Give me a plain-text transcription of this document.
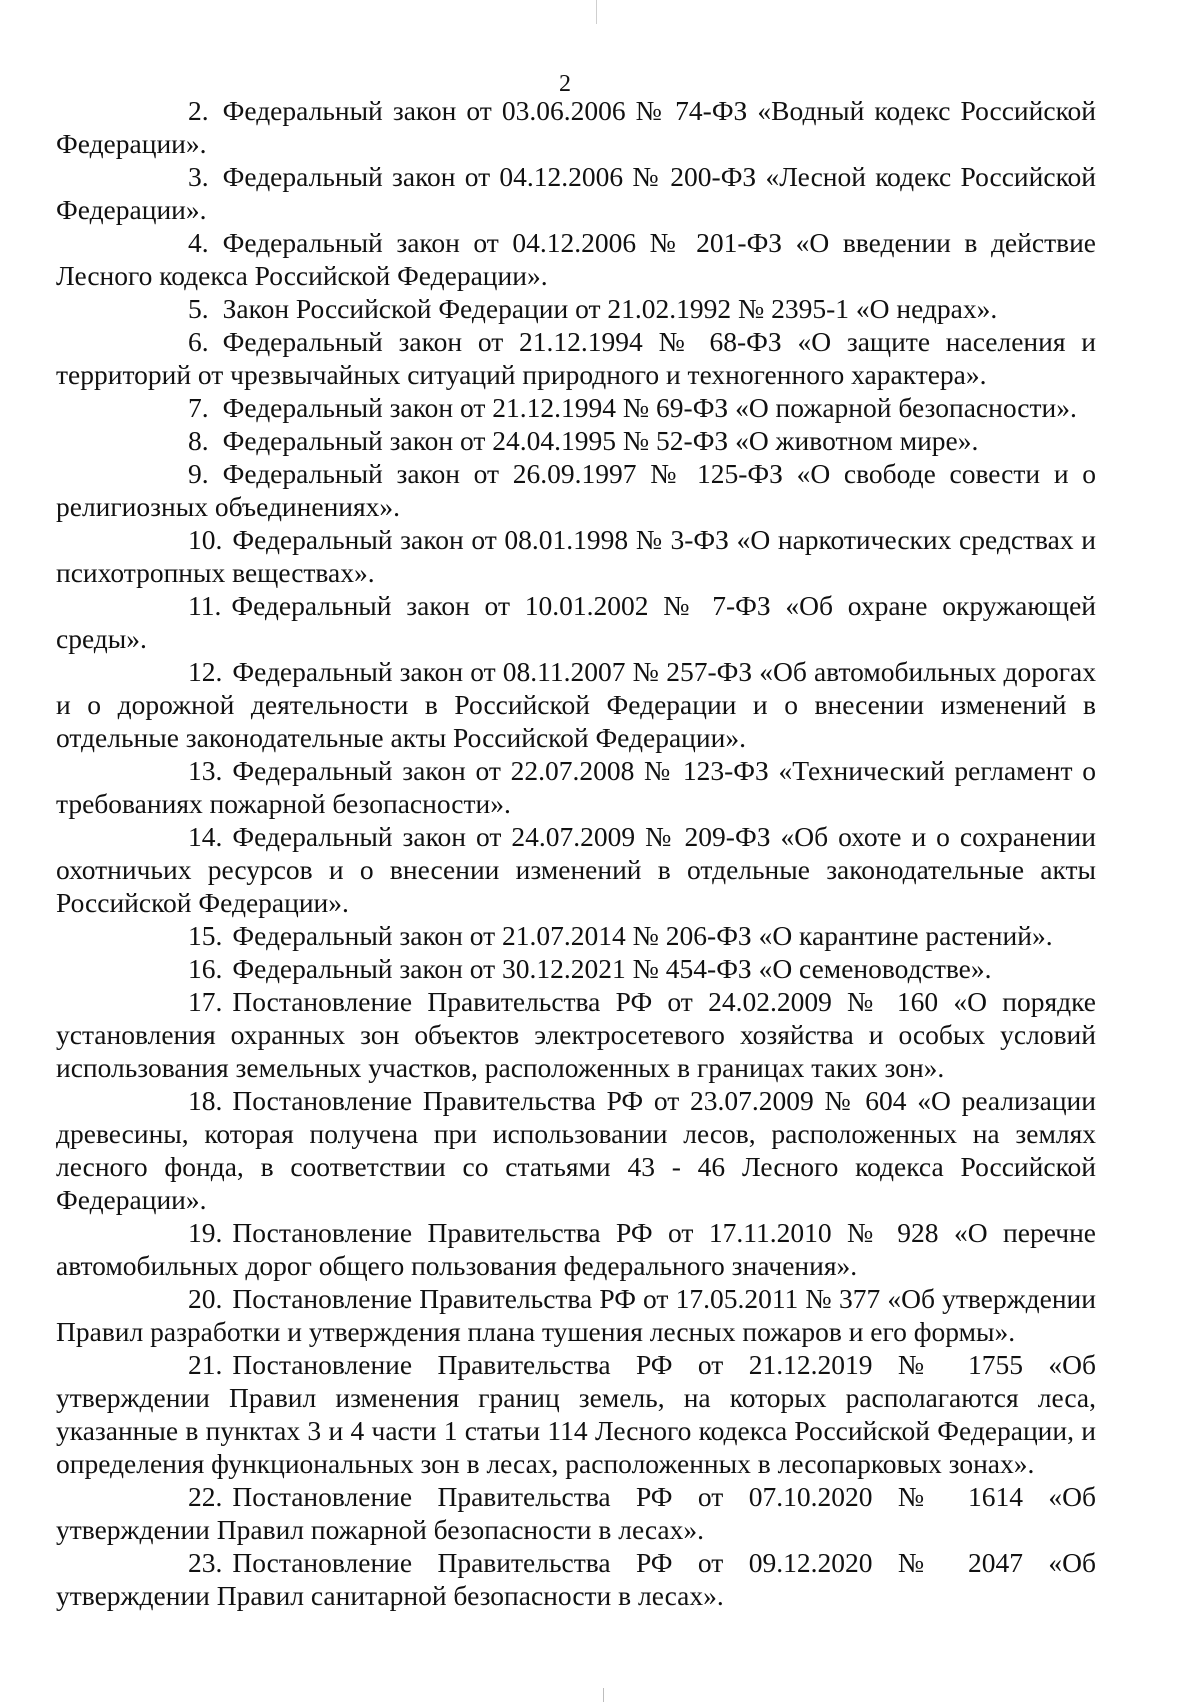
2

2. Федеральный закон от 03.06.2006 № 74-ФЗ «Водный кодекс Российской Федерации».

3. Федеральный закон от 04.12.2006 № 200-ФЗ «Лесной кодекс Российской Федерации».

4. Федеральный закон от 04.12.2006 № 201-ФЗ «О введении в действие Лесного кодекса Российской Федерации».

5. Закон Российской Федерации от 21.02.1992 № 2395-1 «О недрах».

6. Федеральный закон от 21.12.1994 № 68-ФЗ «О защите населения и территорий от чрезвычайных ситуаций природного и техногенного характера».

7. Федеральный закон от 21.12.1994 № 69-ФЗ «О пожарной безопасности».

8. Федеральный закон от 24.04.1995 № 52-ФЗ «О животном мире».

9. Федеральный закон от 26.09.1997 № 125-ФЗ «О свободе совести и о религиозных объединениях».

10. Федеральный закон от 08.01.1998 № 3-ФЗ «О наркотических средствах и психотропных веществах».

11. Федеральный закон от 10.01.2002 № 7-ФЗ «Об охране окружающей среды».

12. Федеральный закон от 08.11.2007 № 257-ФЗ «Об автомобильных дорогах и о дорожной деятельности в Российской Федерации и о внесении изменений в отдельные законодательные акты Российской Федерации».

13. Федеральный закон от 22.07.2008 № 123-ФЗ «Технический регламент о требованиях пожарной безопасности».

14. Федеральный закон от 24.07.2009 № 209-ФЗ «Об охоте и о сохранении охотничьих ресурсов и о внесении изменений в отдельные законодательные акты Российской Федерации».

15. Федеральный закон от 21.07.2014 № 206-ФЗ «О карантине растений».

16. Федеральный закон от 30.12.2021 № 454-ФЗ «О семеноводстве».

17. Постановление Правительства РФ от 24.02.2009 № 160 «О порядке установления охранных зон объектов электросетевого хозяйства и особых условий использования земельных участков, расположенных в границах таких зон».

18. Постановление Правительства РФ от 23.07.2009 № 604 «О реализации древесины, которая получена при использовании лесов, расположенных на землях лесного фонда, в соответствии со статьями 43 - 46 Лесного кодекса Российской Федерации».

19. Постановление Правительства РФ от 17.11.2010 № 928 «О перечне автомобильных дорог общего пользования федерального значения».

20. Постановление Правительства РФ от 17.05.2011 № 377 «Об утверждении Правил разработки и утверждения плана тушения лесных пожаров и его формы».

21. Постановление Правительства РФ от 21.12.2019 № 1755 «Об утверждении Правил изменения границ земель, на которых располагаются леса, указанные в пунктах 3 и 4 части 1 статьи 114 Лесного кодекса Российской Федерации, и определения функциональных зон в лесах, расположенных в лесопарковых зонах».

22. Постановление Правительства РФ от 07.10.2020 № 1614 «Об утверждении Правил пожарной безопасности в лесах».

23. Постановление Правительства РФ от 09.12.2020 № 2047 «Об утверждении Правил санитарной безопасности в лесах».
